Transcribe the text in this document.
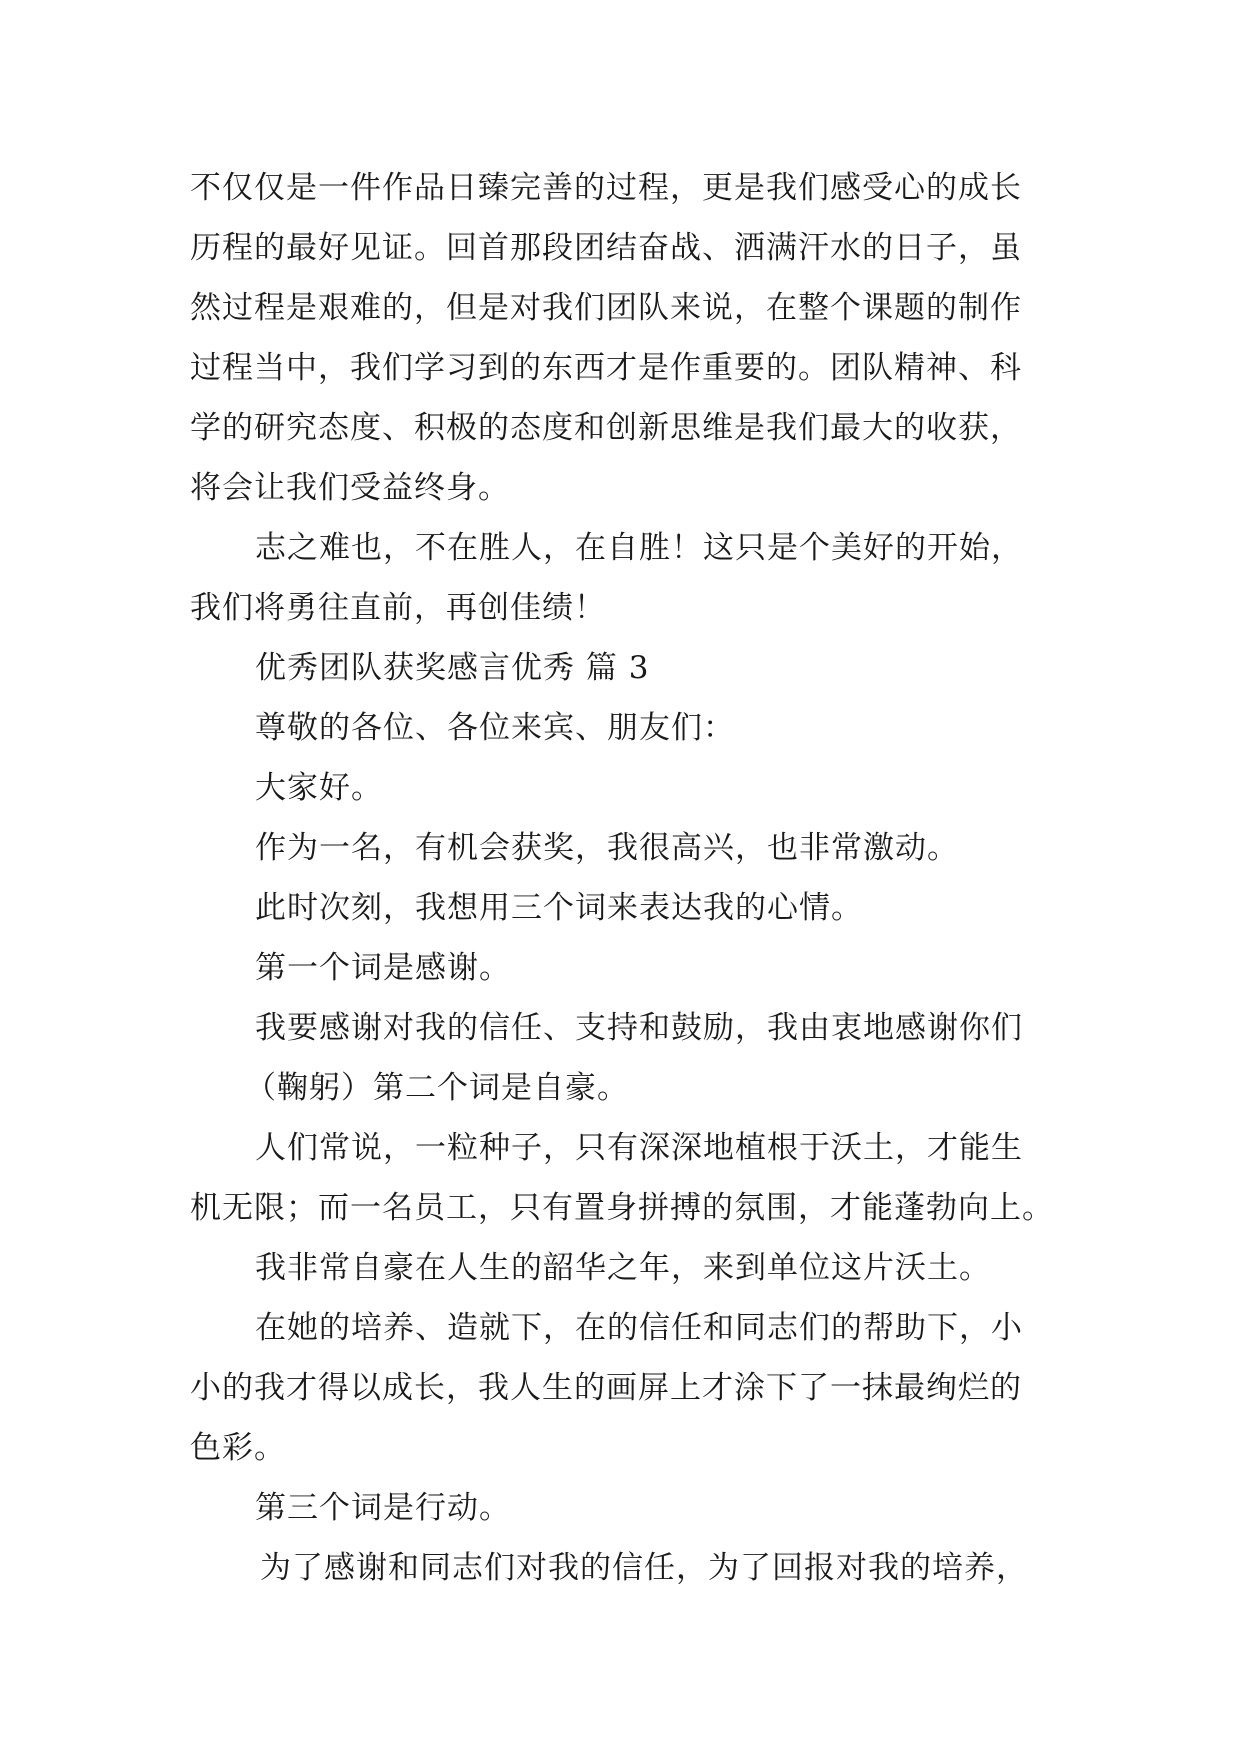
不仅仅是一件作品日臻完善的过程，更是我们感受心的成长
历程的最好见证。回首那段团结奋战、洒满汗水的日子，虽
然过程是艰难的，但是对我们团队来说，在整个课题的制作
过程当中，我们学习到的东西才是作重要的。团队精神、科
学的研究态度、积极的态度和创新思维是我们最大的收获，
将会让我们受益终身。
志之难也，不在胜人，在自胜！这只是个美好的开始，
我们将勇往直前，再创佳绩！
优秀团队获奖感言优秀 篇 3
尊敬的各位、各位来宾、朋友们：
大家好。
作为一名，有机会获奖，我很高兴，也非常激动。
此时次刻，我想用三个词来表达我的心情。
第一个词是感谢。
我要感谢对我的信任、支持和鼓励，我由衷地感谢你们
（鞠躬）第二个词是自豪。
人们常说，一粒种子，只有深深地植根于沃土，才能生
机无限；而一名员工，只有置身拼搏的氛围，才能蓬勃向上。
我非常自豪在人生的韶华之年，来到单位这片沃土。
在她的培养、造就下，在的信任和同志们的帮助下，小
小的我才得以成长，我人生的画屏上才涂下了一抹最绚烂的
色彩。
第三个词是行动。
为了感谢和同志们对我的信任，为了回报对我的培养，
